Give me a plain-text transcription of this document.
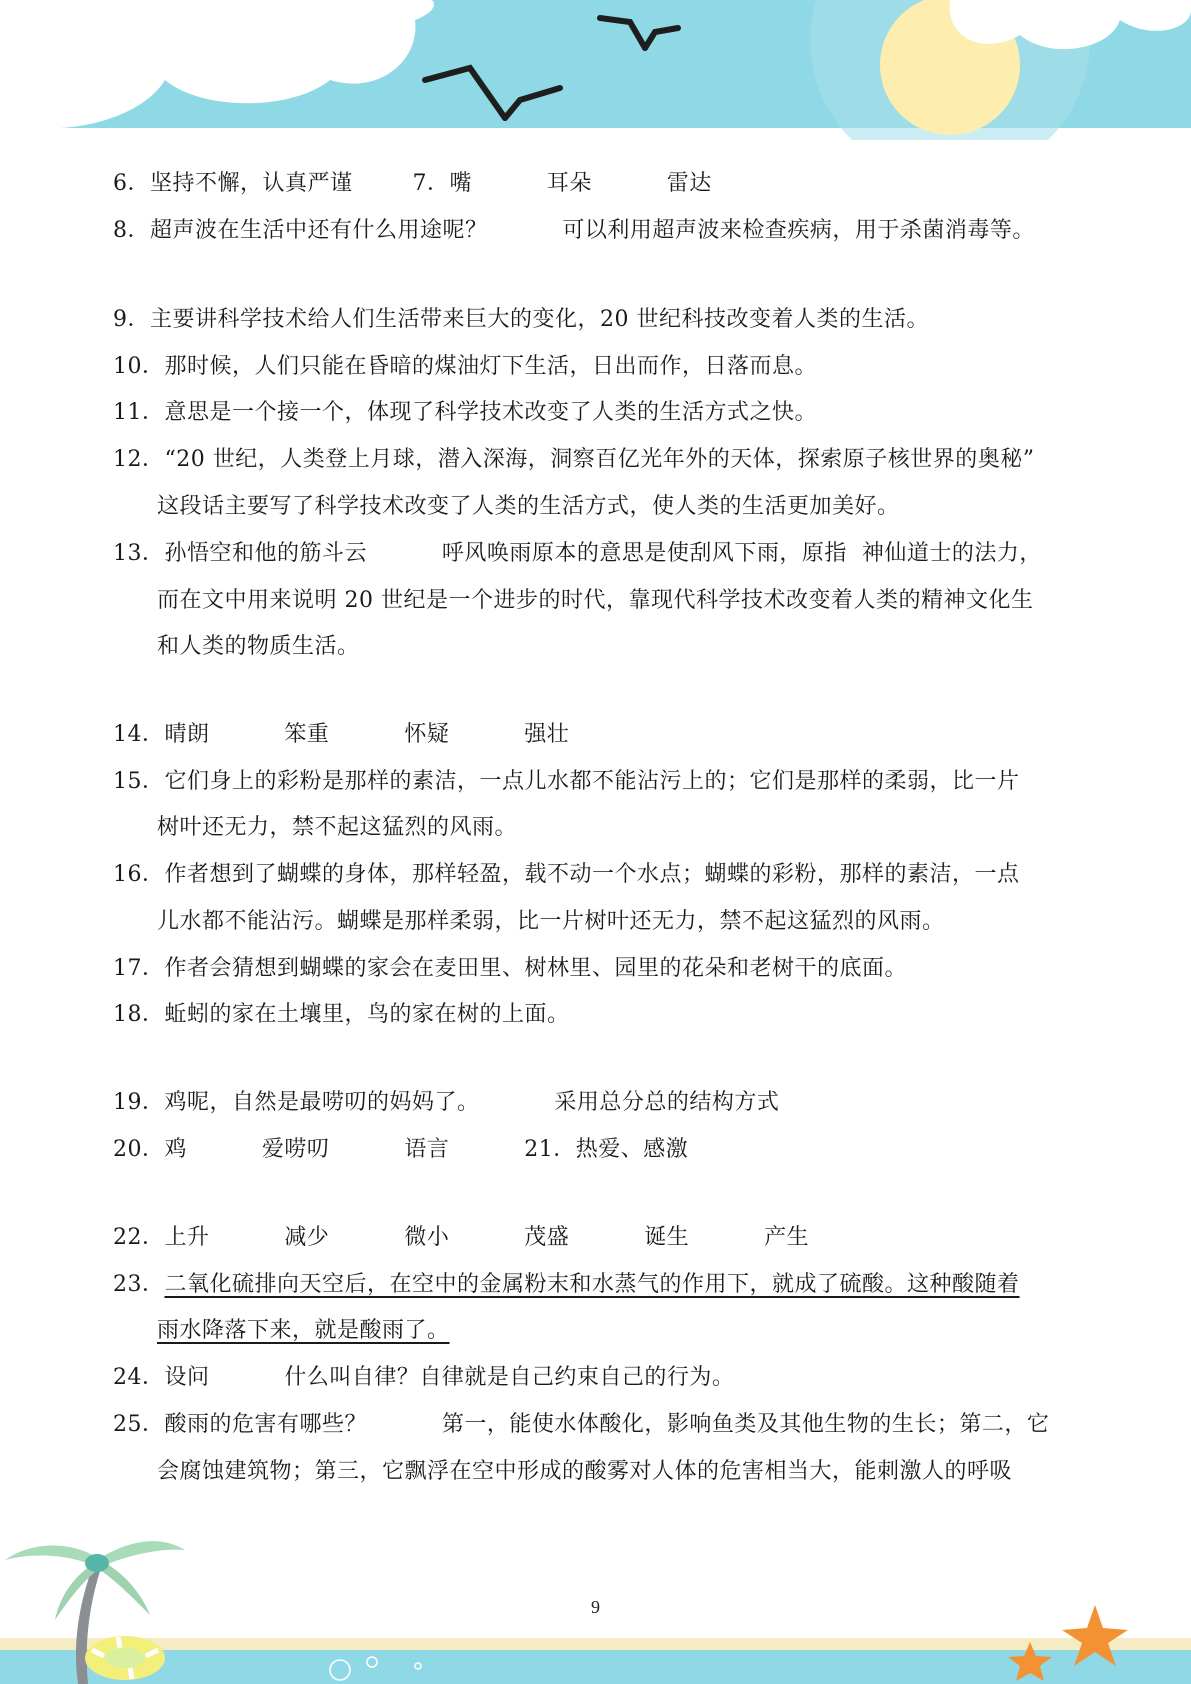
6．坚持不懈，认真严谨        7．嘴          耳朵          雷达
8．超声波在生活中还有什么用途呢？          可以利用超声波来检查疾病，用于杀菌消毒等。
9．主要讲科学技术给人们生活带来巨大的变化，20 世纪科技改变着人类的生活。
10．那时候，人们只能在昏暗的煤油灯下生活，日出而作，日落而息。
11．意思是一个接一个，体现了科学技术改变了人类的生活方式之快。
12．“20 世纪，人类登上月球，潜入深海，洞察百亿光年外的天体，探索原子核世界的奥秘”
这段话主要写了科学技术改变了人类的生活方式，使人类的生活更加美好。
13．孙悟空和他的筋斗云          呼风唤雨原本的意思是使刮风下雨，原指  神仙道士的法力，
而在文中用来说明 20 世纪是一个进步的时代，靠现代科学技术改变着人类的精神文化生
和人类的物质生活。
14．晴朗          笨重          怀疑          强壮
15．它们身上的彩粉是那样的素洁，一点儿水都不能沾污上的；它们是那样的柔弱，比一片
树叶还无力，禁不起这猛烈的风雨。
16．作者想到了蝴蝶的身体，那样轻盈，载不动一个水点；蝴蝶的彩粉，那样的素洁，一点
儿水都不能沾污。蝴蝶是那样柔弱，比一片树叶还无力，禁不起这猛烈的风雨。
17．作者会猜想到蝴蝶的家会在麦田里、树林里、园里的花朵和老树干的底面。
18．蚯蚓的家在土壤里，鸟的家在树的上面。
19．鸡呢，自然是最唠叨的妈妈了。          采用总分总的结构方式
20．鸡          爱唠叨          语言          21．热爱、感激
22．上升          减少          微小          茂盛          诞生          产生
23．二氧化硫排向天空后，在空中的金属粉末和水蒸气的作用下，就成了硫酸。这种酸随着
雨水降落下来，就是酸雨了。
24．设问          什么叫自律？自律就是自己约束自己的行为。
25．酸雨的危害有哪些？          第一，能使水体酸化，影响鱼类及其他生物的生长；第二，它
会腐蚀建筑物；第三，它飘浮在空中形成的酸雾对人体的危害相当大，能刺激人的呼吸
9
